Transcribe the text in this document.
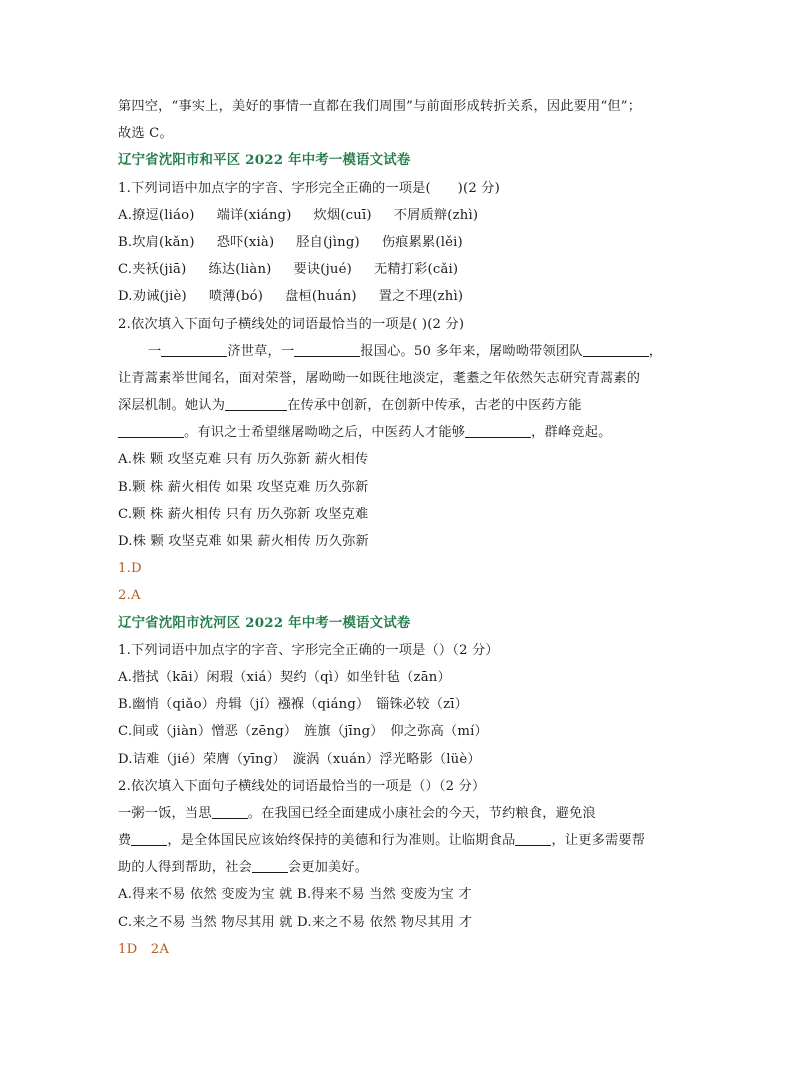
第四空，“事实上，美好的事情一直都在我们周围”与前面形成转折关系，因此要用“但”；
故选 C。
辽宁省沈阳市和平区 2022 年中考一模语文试卷
1.下列词语中加点字的字音、字形完全正确的一项是(　　)(2 分)
A.撩逗(liáo) 端详(xiáng) 炊烟(cuī) 不屑质辩(zhì)
B.坎肩(kǎn) 恐吓(xià) 胫自(jìng) 伤痕累累(lěi)
C.夹袄(jiā) 练达(liàn) 要诀(jué) 无精打彩(cǎi)
D.劝诫(jiè) 喷薄(bó) 盘桓(huán) 置之不理(zhì)
2.依次填入下面句子横线处的词语最恰当的一项是( )(2 分)
一	济世草，一	报国心。50 多年来，屠呦呦带领团队	，
让青蒿素举世闻名，面对荣誉，屠呦呦一如既往地淡定，耄耋之年依然矢志研究青蒿素的
深层机制。她认为	在传承中创新，在创新中传承，古老的中医药方能
。有识之士希望继屠呦呦之后，中医药人才能够	，群峰竞起。
A.株 颗 攻坚克难 只有 历久弥新 薪火相传
B.颗 株 薪火相传 如果 攻坚克难 历久弥新
C.颗 株 薪火相传 只有 历久弥新 攻坚克难
D.株 颗 攻坚克难 如果 薪火相传 历久弥新
1.D
2.A
辽宁省沈阳市沈河区 2022 年中考一模语文试卷
1.下列词语中加点字的字音、字形完全正确的一项是（）（2 分）
A.揩拭（kāi）闲瑕（xiá）契约（qì）如坐针毡（zān）
B.幽悄（qiǎo）舟辑（jí）襁褓（qiáng）　锱铢必较（zī）
C.间或（jiàn）憎恶（zēng）　旌旗（jīng）　仰之弥高（mí）
D.诘难（jié）荣膺（yīng）　漩涡（xuán）浮光略影（lüè）
2.依次填入下面句子横线处的词语最恰当的一项是（）（2 分）
一粥一饭，当思	。在我国已经全面建成小康社会的今天，节约粮食，避免浪
费	，是全体国民应该始终保持的美德和行为准则。让临期食品	，让更多需要帮
助的人得到帮助，社会	会更加美好。
A.得来不易 依然 变废为宝 就 B.得来不易 当然 变废为宝 才
C.来之不易 当然 物尽其用 就 D.来之不易 依然 物尽其用 才
1D　2A
